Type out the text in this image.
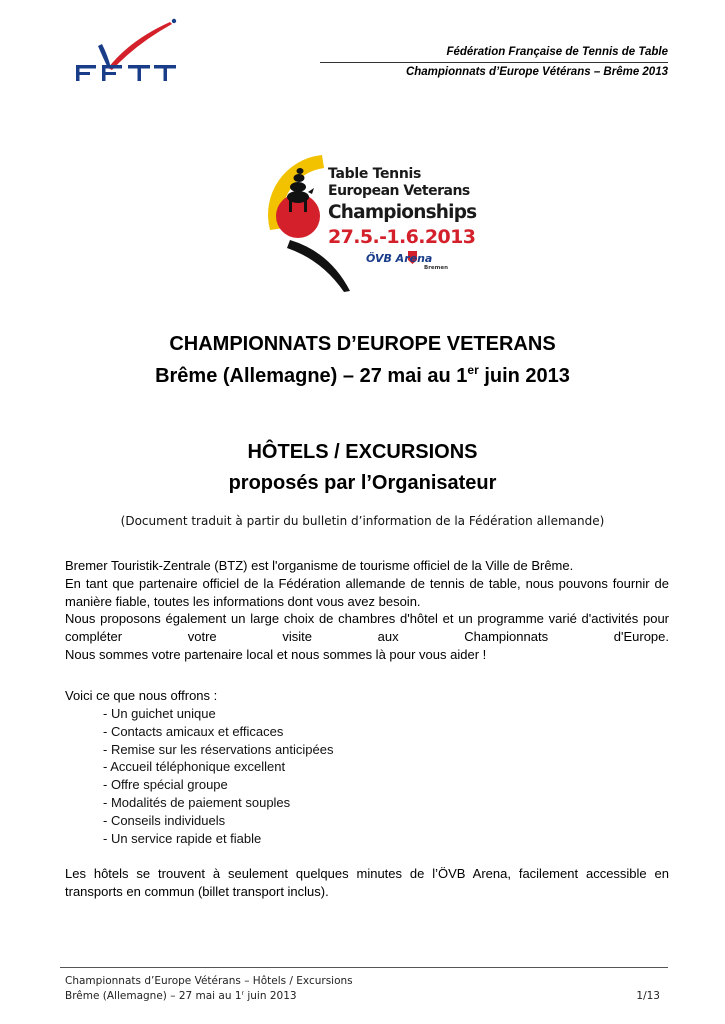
Fédération Française de Tennis de Table
Championnats d’Europe Vétérans – Brême 2013
Table Tennis
European Veterans
Championships
27.5.-1.6.2013
ÖVB Arena
Bremen
CHAMPIONNATS D’EUROPE VETERANS
Brême (Allemagne) – 27 mai au 1er juin 2013
HÔTELS / EXCURSIONS
proposés par l’Organisateur
(Document traduit à partir du bulletin d’information de la Fédération allemande)

Bremer Touristik-Zentrale (BTZ) est l'organisme de tourisme officiel de la Ville de Brême.

En tant que partenaire officiel de la Fédération allemande de tennis de table, nous pouvons fournir de manière fiable, toutes les informations dont vous avez besoin.

Nous proposons également un large choix de chambres d'hôtel et un programme varié d'activités pour compléter votre visite aux Championnats d'Europe.

Nous sommes votre partenaire local et nous sommes là pour vous aider !

Voici ce que nous offrons :
- Un guichet unique
- Contacts amicaux et efficaces
- Remise sur les réservations anticipées
- Accueil téléphonique excellent
- Offre spécial groupe
- Modalités de paiement souples
- Conseils individuels
- Un service rapide et fiable
Les hôtels se trouvent à seulement quelques minutes de l’ÖVB Arena, facilement accessible en transports en commun (billet transport inclus).
Championnats d’Europe Vétérans – Hôtels / Excursions
Brême (Allemagne) – 27 mai au 1$^r$ juin 2013	1/13
